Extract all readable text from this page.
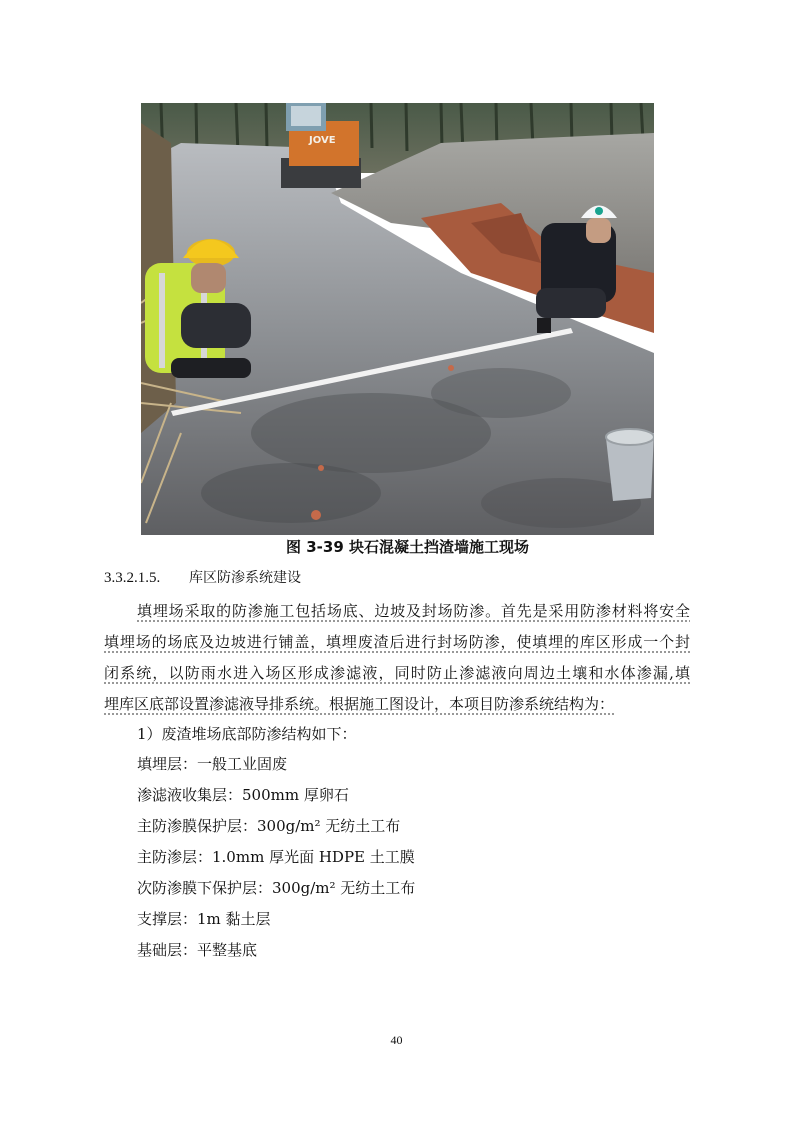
JOVE
图 3-39 块石混凝土挡渣墙施工现场
3.3.2.1.5. 库区防渗系统建设
填埋场采取的防渗施工包括场底、边坡及封场防渗。首先是采用防渗材料将安全
填埋场的场底及边坡进行铺盖，填埋废渣后进行封场防渗，使填埋的库区形成一个封
闭系统，以防雨水进入场区形成渗滤液，同时防止渗滤液向周边土壤和水体渗漏,填
埋库区底部设置渗滤液导排系统。根据施工图设计，本项目防渗系统结构为：
1）废渣堆场底部防渗结构如下：
填埋层：一般工业固废
渗滤液收集层：500mm 厚卵石
主防渗膜保护层：300g/m² 无纺土工布
主防渗层：1.0mm 厚光面 HDPE 土工膜
次防渗膜下保护层：300g/m² 无纺土工布
支撑层：1m 黏土层
基础层：平整基底
40
